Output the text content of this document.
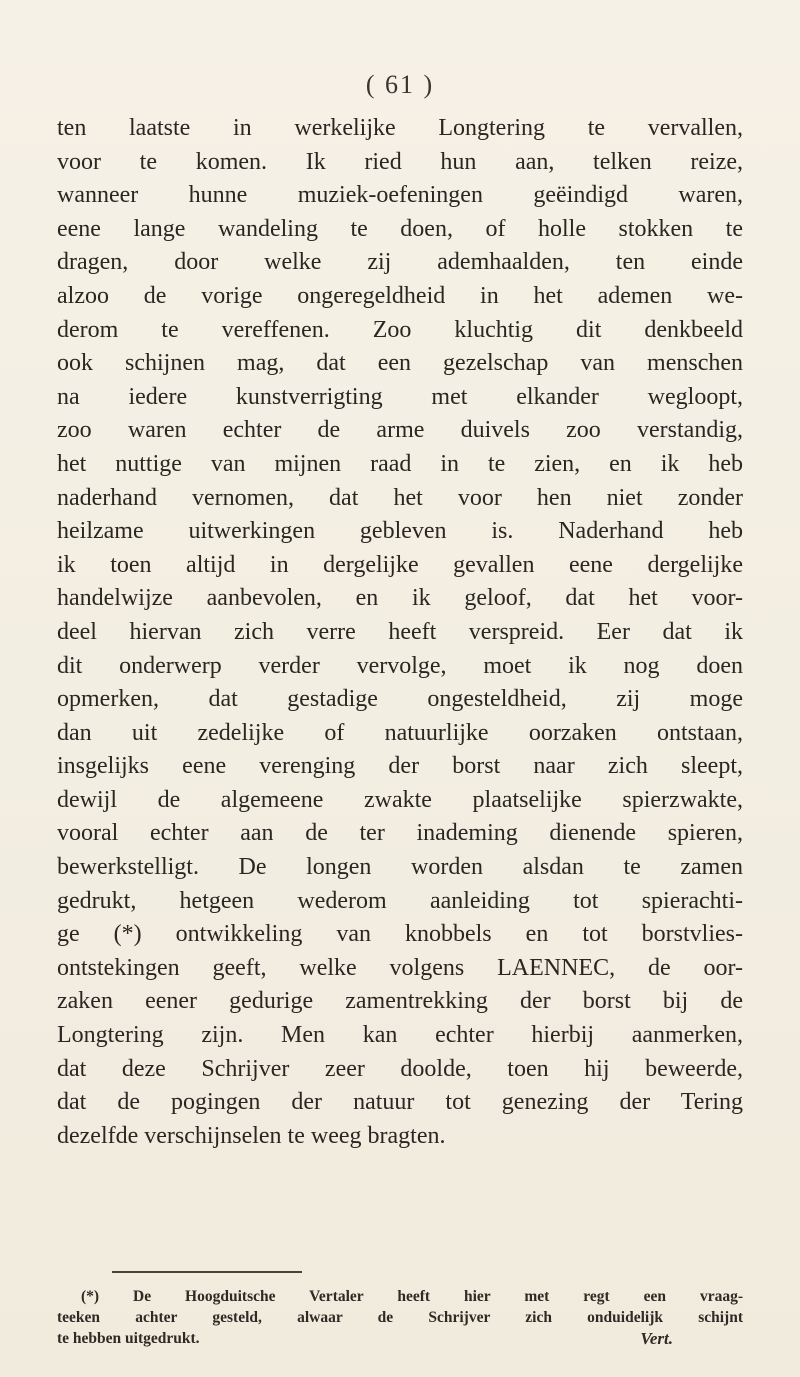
( 61 )
ten laatste in werkelijke Longtering te vervallen,
voor te komen. Ik ried hun aan, telken reize,
wanneer hunne muziek-oefeningen geëindigd waren,
eene lange wandeling te doen, of holle stokken te
dragen, door welke zij ademhaalden, ten einde
alzoo de vorige ongeregeldheid in het ademen we-
derom te vereffenen. Zoo kluchtig dit denkbeeld
ook schijnen mag, dat een gezelschap van menschen
na iedere kunstverrigting met elkander wegloopt,
zoo waren echter de arme duivels zoo verstandig,
het nuttige van mijnen raad in te zien, en ik heb
naderhand vernomen, dat het voor hen niet zonder
heilzame uitwerkingen gebleven is. Naderhand heb
ik toen altijd in dergelijke gevallen eene dergelijke
handelwijze aanbevolen, en ik geloof, dat het voor-
deel hiervan zich verre heeft verspreid. Eer dat ik
dit onderwerp verder vervolge, moet ik nog doen
opmerken, dat gestadige ongesteldheid, zij moge
dan uit zedelijke of natuurlijke oorzaken ontstaan,
insgelijks eene verenging der borst naar zich sleept,
dewijl de algemeene zwakte plaatselijke spierzwakte,
vooral echter aan de ter inademing dienende spieren,
bewerkstelligt. De longen worden alsdan te zamen
gedrukt, hetgeen wederom aanleiding tot spierachti-
ge (*) ontwikkeling van knobbels en tot borstvlies-
ontstekingen geeft, welke volgens LAENNEC, de oor-
zaken eener gedurige zamentrekking der borst bij de
Longtering zijn. Men kan echter hierbij aanmerken,
dat deze Schrijver zeer doolde, toen hij beweerde,
dat de pogingen der natuur tot genezing der Tering
dezelfde verschijnselen te weeg bragten.
(*) De Hoogduitsche Vertaler heeft hier met regt een vraag-
teeken achter gesteld, alwaar de Schrijver zich onduidelijk schijnt
te hebben uitgedrukt.	Vert.
